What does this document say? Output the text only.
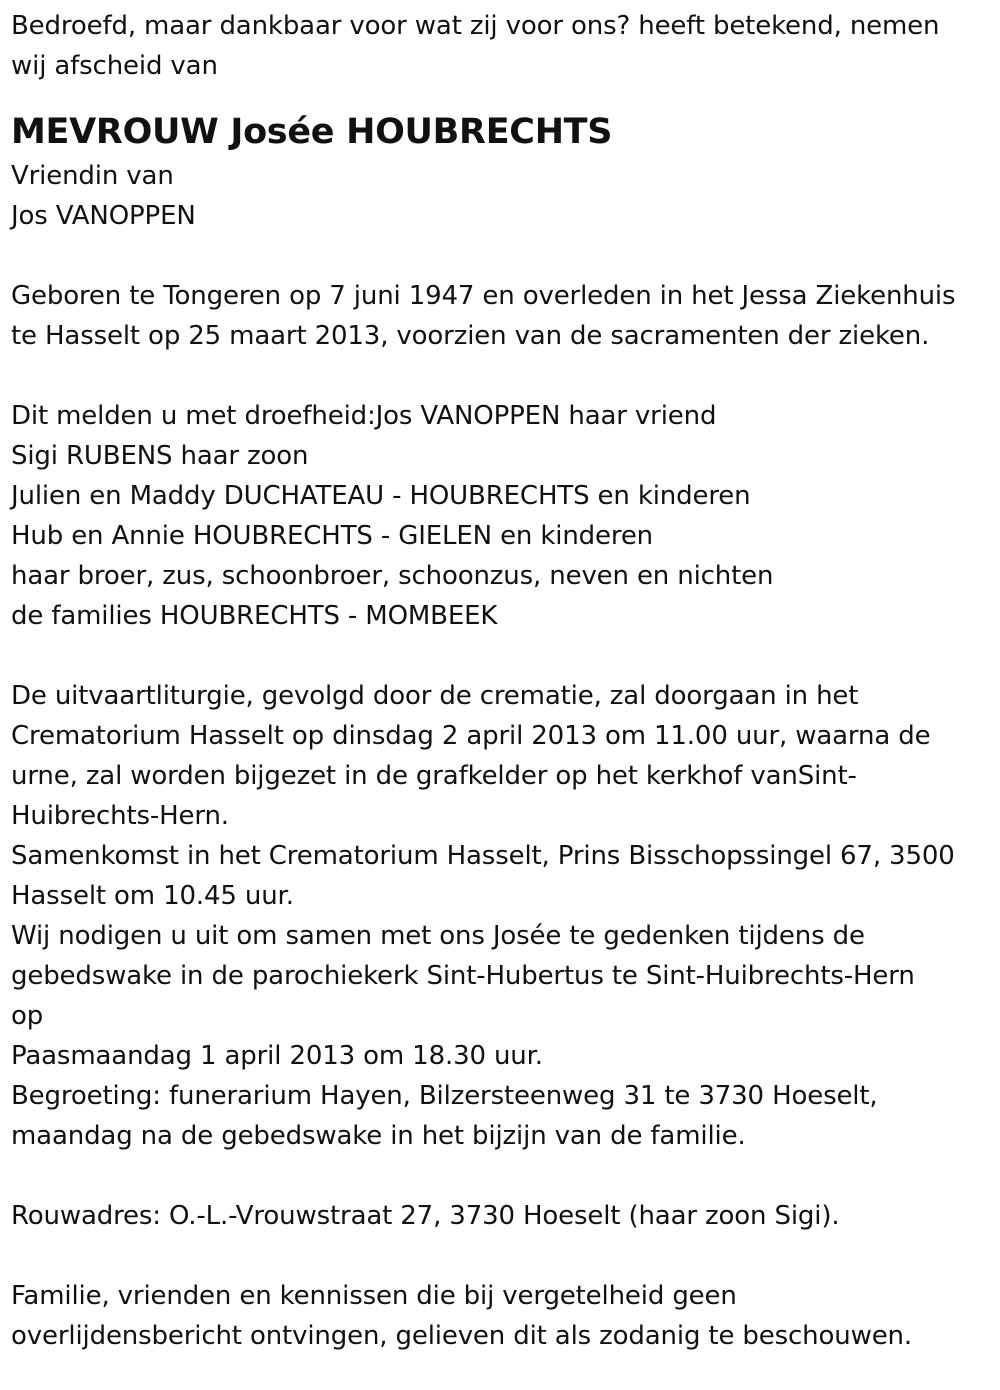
Bedroefd, maar dankbaar voor wat zij voor ons? heeft betekend, nemen
wij afscheid van
MEVROUW Josée HOUBRECHTS
Vriendin van
Jos VANOPPEN
Geboren te Tongeren op 7 juni 1947 en overleden in het Jessa Ziekenhuis
te Hasselt op 25 maart 2013, voorzien van de sacramenten der zieken.
Dit melden u met droefheid:Jos VANOPPEN haar vriend
Sigi RUBENS haar zoon
Julien en Maddy DUCHATEAU - HOUBRECHTS en kinderen
Hub en Annie HOUBRECHTS - GIELEN en kinderen
haar broer, zus, schoonbroer, schoonzus, neven en nichten
de families HOUBRECHTS - MOMBEEK
De uitvaartliturgie, gevolgd door de crematie, zal doorgaan in het
Crematorium Hasselt op dinsdag 2 april 2013 om 11.00 uur, waarna de
urne, zal worden bijgezet in de grafkelder op het kerkhof vanSint-
Huibrechts-Hern.
Samenkomst in het Crematorium Hasselt, Prins Bisschopssingel 67, 3500
Hasselt om 10.45 uur.
Wij nodigen u uit om samen met ons Josée te gedenken tijdens de
gebedswake in de parochiekerk Sint-Hubertus te Sint-Huibrechts-Hern
op
Paasmaandag 1 april 2013 om 18.30 uur.
Begroeting: funerarium Hayen, Bilzersteenweg 31 te 3730 Hoeselt,
maandag na de gebedswake in het bijzijn van de familie.
Rouwadres: O.-L.-Vrouwstraat 27, 3730 Hoeselt (haar zoon Sigi).
Familie, vrienden en kennissen die bij vergetelheid geen
overlijdensbericht ontvingen, gelieven dit als zodanig te beschouwen.
